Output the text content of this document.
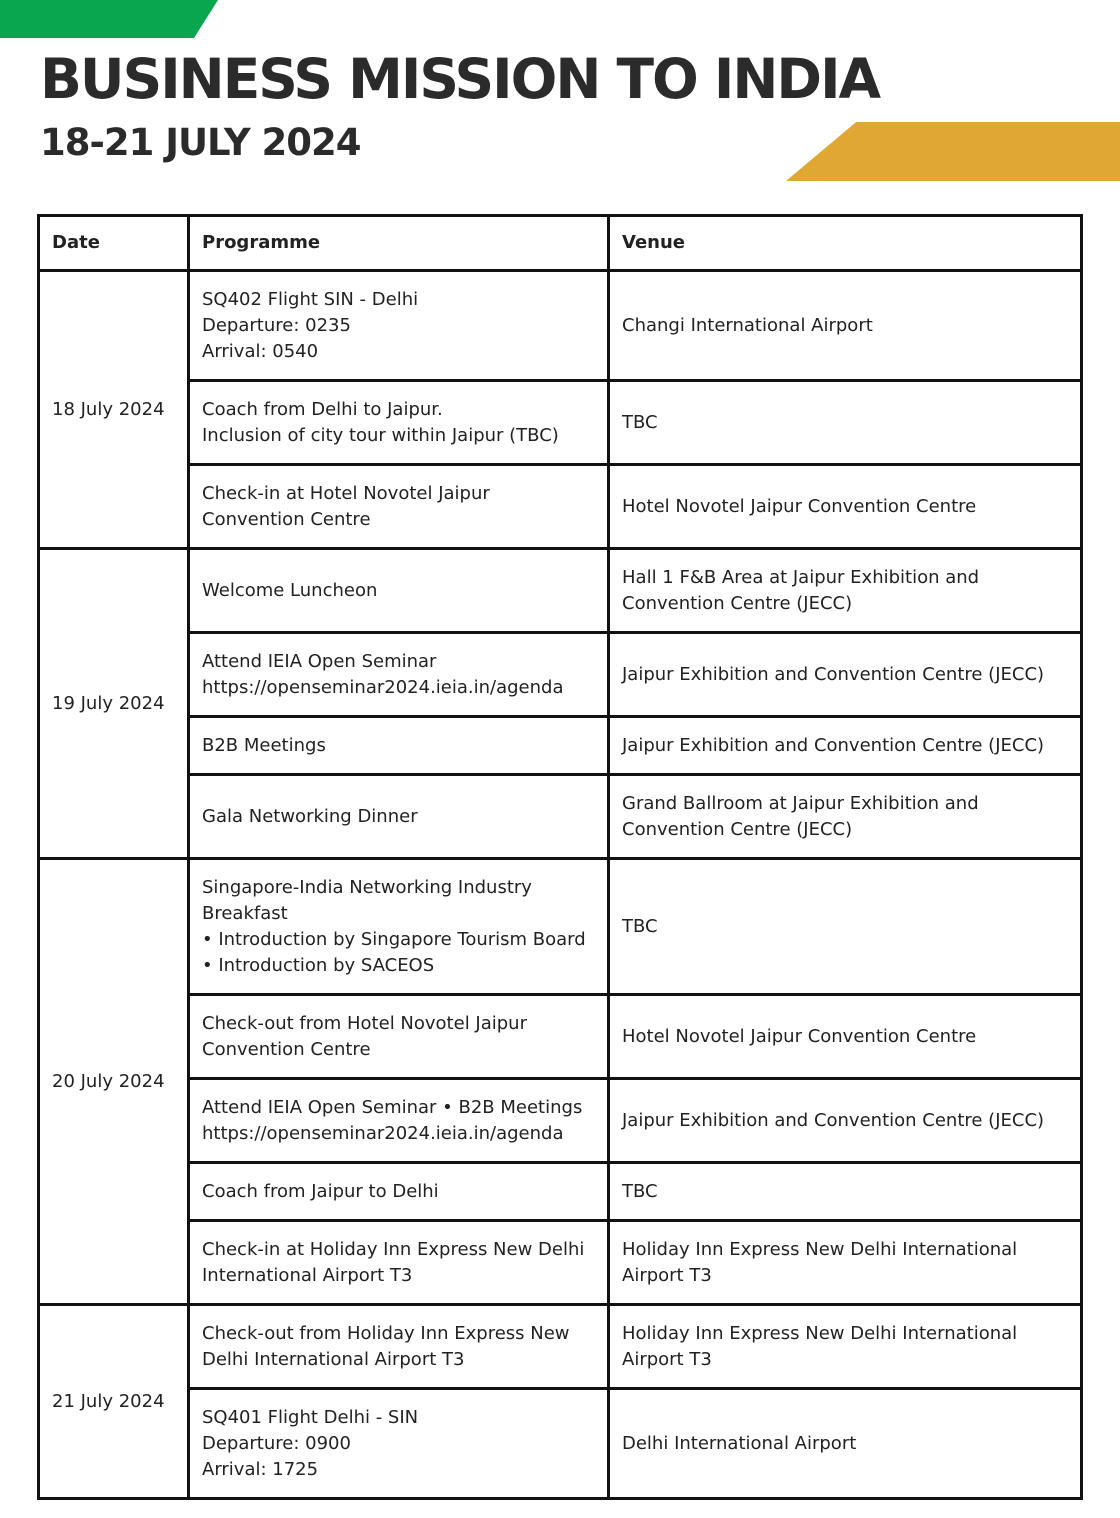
BUSINESS MISSION TO INDIA
18-21 JULY 2024
Date	Programme	Venue
18 July 2024	SQ402 Flight SIN - Delhi
Departure: 0235
Arrival: 0540	Changi International Airport

	Coach from Delhi to Jaipur.
Inclusion of city tour within Jaipur (TBC)	TBC

	Check-in at Hotel Novotel Jaipur
Convention Centre	Hotel Novotel Jaipur Convention Centre
19 July 2024	Welcome Luncheon	Hall 1 F&B Area at Jaipur Exhibition and Convention Centre (JECC)

	Attend IEIA Open Seminar
https://openseminar2024.ieia.in/agenda	Jaipur Exhibition and Convention Centre (JECC)

	B2B Meetings	Jaipur Exhibition and Convention Centre (JECC)

	Gala Networking Dinner	Grand Ballroom at Jaipur Exhibition and Convention Centre (JECC)
20 July 2024	Singapore-India Networking Industry Breakfast
• Introduction by Singapore Tourism Board
• Introduction by SACEOS	TBC

	Check-out from Hotel Novotel Jaipur
Convention Centre	Hotel Novotel Jaipur Convention Centre

	Attend IEIA Open Seminar • B2B Meetings
https://openseminar2024.ieia.in/agenda	Jaipur Exhibition and Convention Centre (JECC)

	Coach from Jaipur to Delhi	TBC

	Check-in at Holiday Inn Express New Delhi
International Airport T3	Holiday Inn Express New Delhi International Airport T3
21 July 2024	Check-out from Holiday Inn Express New
Delhi International Airport T3	Holiday Inn Express New Delhi International Airport T3

	SQ401 Flight Delhi - SIN
Departure: 0900
Arrival: 1725	Delhi International Airport
